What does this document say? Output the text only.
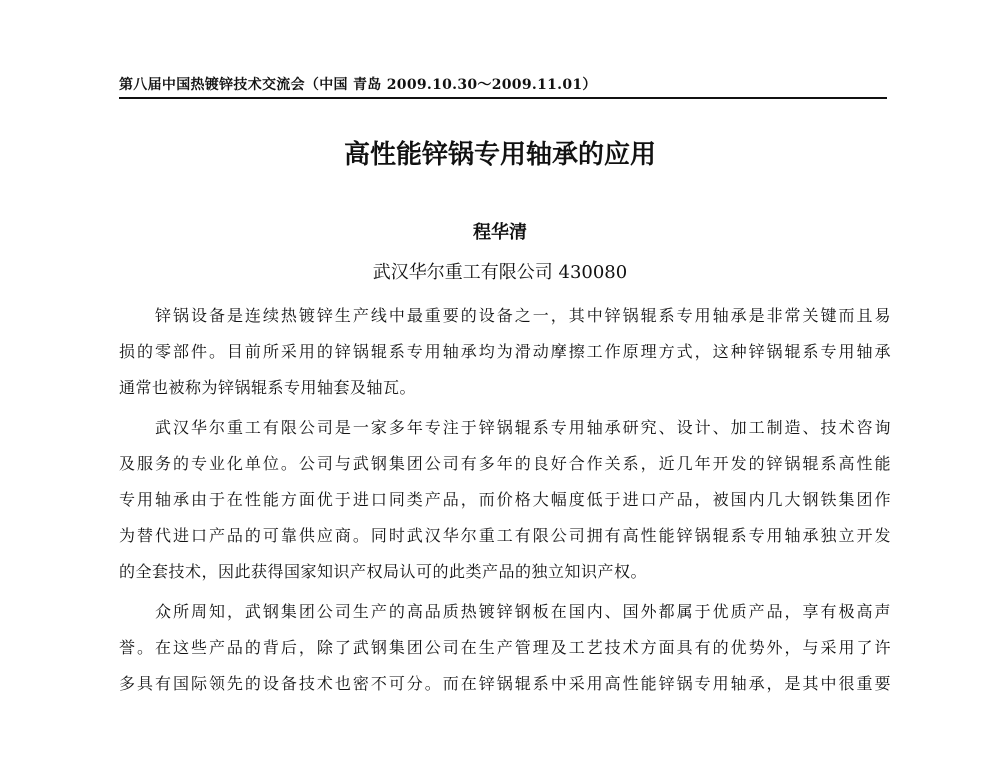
第八届中国热镀锌技术交流会（中国 青岛 2009.10.30～2009.11.01）
高性能锌锅专用轴承的应用
程华清
武汉华尔重工有限公司 430080
锌锅设备是连续热镀锌生产线中最重要的设备之一，其中锌锅辊系专用轴承是非常关键而且易
损的零部件。目前所采用的锌锅辊系专用轴承均为滑动摩擦工作原理方式，这种锌锅辊系专用轴承
通常也被称为锌锅辊系专用轴套及轴瓦。
武汉华尔重工有限公司是一家多年专注于锌锅辊系专用轴承研究、设计、加工制造、技术咨询
及服务的专业化单位。公司与武钢集团公司有多年的良好合作关系，近几年开发的锌锅辊系高性能
专用轴承由于在性能方面优于进口同类产品，而价格大幅度低于进口产品，被国内几大钢铁集团作
为替代进口产品的可靠供应商。同时武汉华尔重工有限公司拥有高性能锌锅辊系专用轴承独立开发
的全套技术，因此获得国家知识产权局认可的此类产品的独立知识产权。
众所周知，武钢集团公司生产的高品质热镀锌钢板在国内、国外都属于优质产品，享有极高声
誉。在这些产品的背后，除了武钢集团公司在生产管理及工艺技术方面具有的优势外，与采用了许
多具有国际领先的设备技术也密不可分。而在锌锅辊系中采用高性能锌锅专用轴承，是其中很重要
